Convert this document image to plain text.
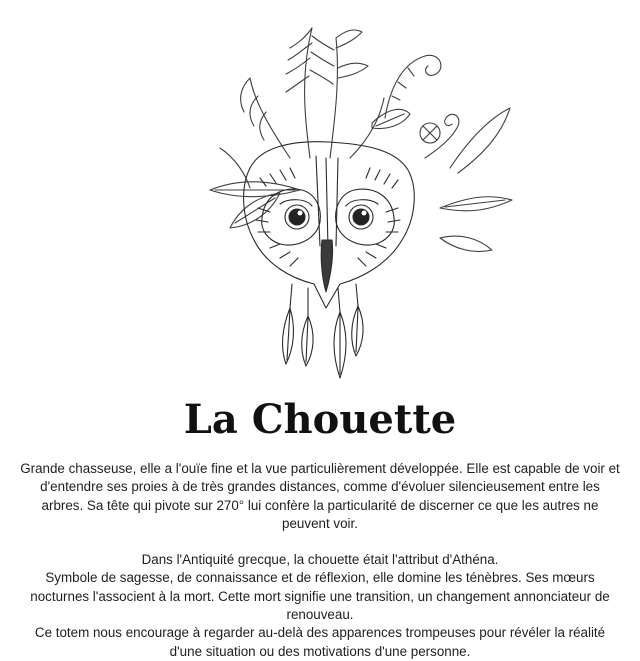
La Chouette

Grande chasseuse, elle a l'ouïe fine et la vue particulièrement développée. Elle est capable de voir et d'entendre ses proies à de très grandes distances, comme d'évoluer silencieusement entre les arbres. Sa tête qui pivote sur 270° lui confère la particularité de discerner ce que les autres ne peuvent voir.

Dans l'Antiquité grecque, la chouette était l'attribut d'Athéna.

Symbole de sagesse, de connaissance et de réflexion, elle domine les ténèbres. Ses mœurs nocturnes l'associent à la mort. Cette mort signifie une transition, un changement annonciateur de renouveau.

Ce totem nous encourage à regarder au-delà des apparences trompeuses pour révéler la réalité d'une situation ou des motivations d'une personne.
